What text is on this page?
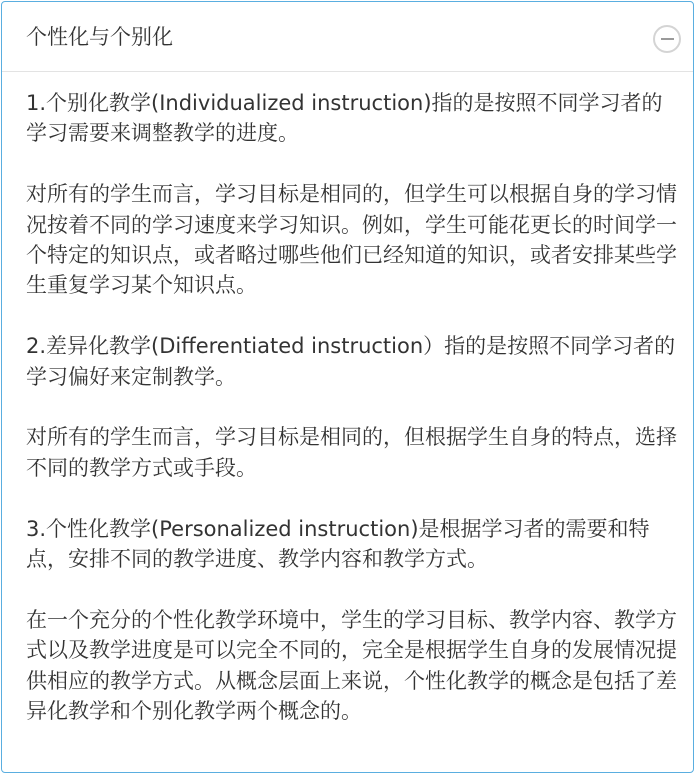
个性化与个别化

1.个别化教学(Individualized instruction)指的是按照不同学习者的学习需要来调整教学的进度。

对所有的学生而言，学习目标是相同的，但学生可以根据自身的学习情况按着不同的学习速度来学习知识。例如，学生可能花更长的时间学一个特定的知识点，或者略过哪些他们已经知道的知识，或者安排某些学生重复学习某个知识点。

2.差异化教学(Differentiated instruction）指的是按照不同学习者的学习偏好来定制教学。

对所有的学生而言，学习目标是相同的，但根据学生自身的特点，选择不同的教学方式或手段。

3.个性化教学(Personalized instruction)是根据学习者的需要和特点，安排不同的教学进度、教学内容和教学方式。

在一个充分的个性化教学环境中，学生的学习目标、教学内容、教学方式以及教学进度是可以完全不同的，完全是根据学生自身的发展情况提供相应的教学方式。从概念层面上来说，个性化教学的概念是包括了差异化教学和个别化教学两个概念的。
